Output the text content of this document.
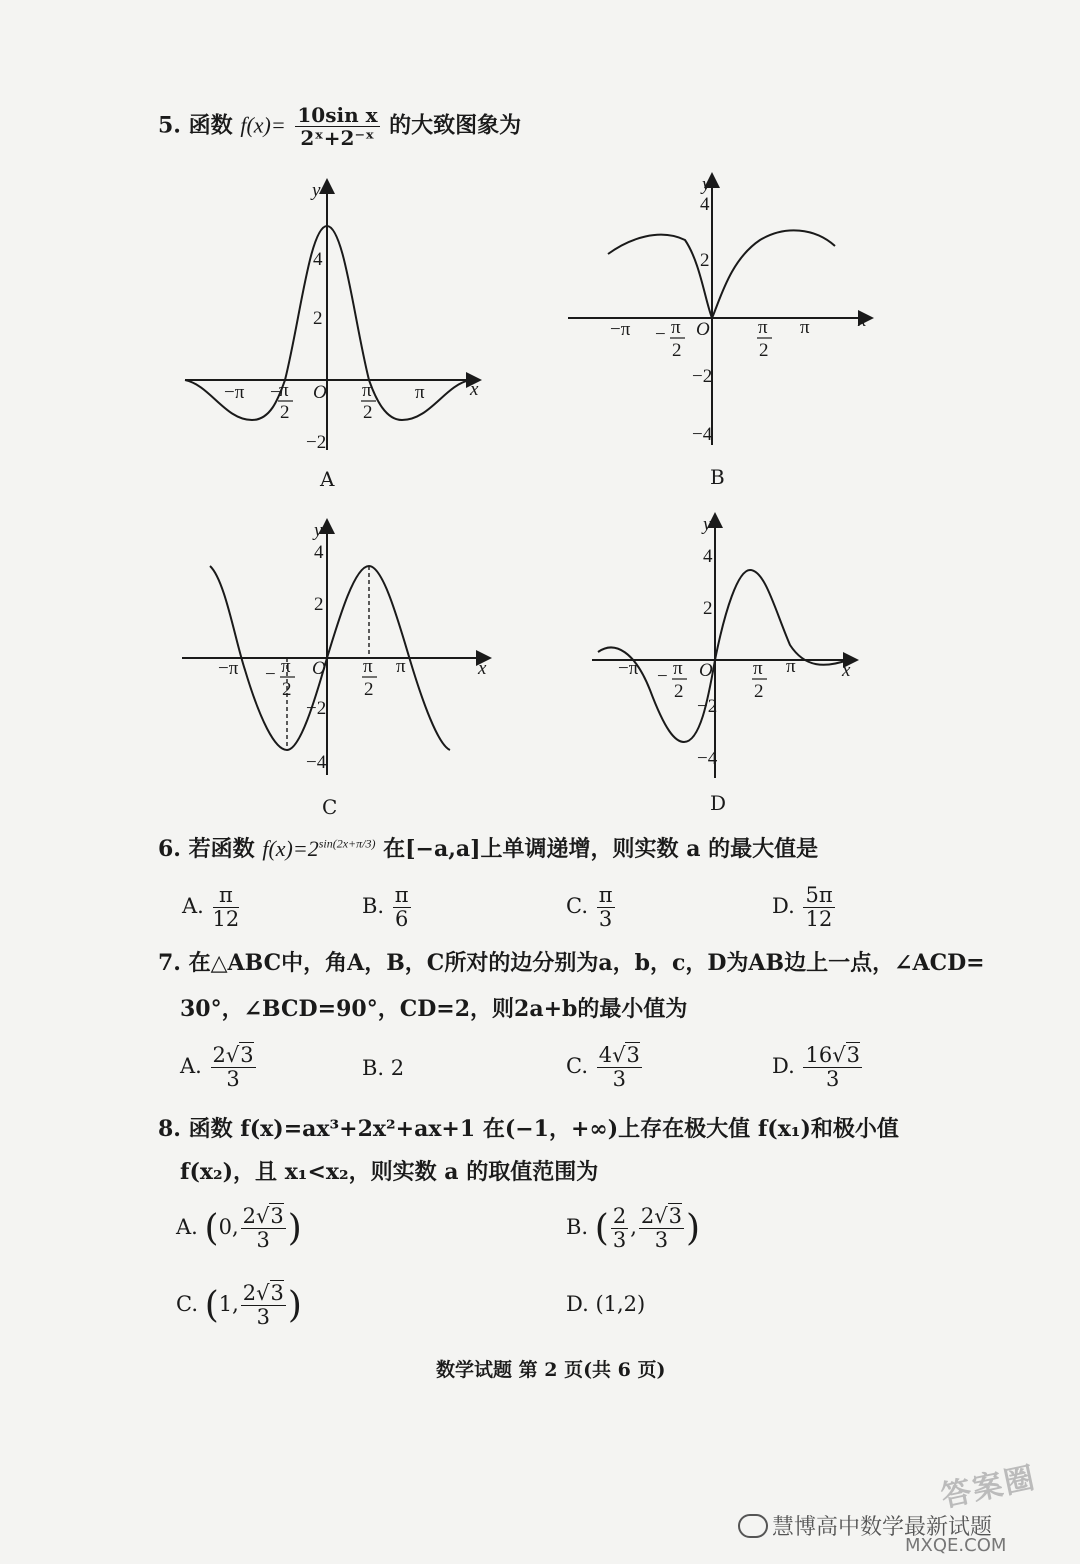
5. 函数 $f(x)= \frac{\text{10sin x}}{\text{2ˣ+2⁻ˣ}}$ 的大致图象为
y
x
4
2
−2
O
−π	π
−
π
2
π
2
y
x
4
2
−2
−4
O
−π	π
− π
2
π
2
y
x
4
2
−2
−4
O
−π	π
− π
2
π
2
y
x
4
2
−2
−4
O
−π	π
− π
2
π
2
A	B
C	D
6. 若函数 $f(x)=2^{sin(2x+\pi/3)}$ 在[−a,a]上单调递增，则实数 a 的最大值是
A. $\frac{\pi}{12}$	B. $\frac{\pi}{6}$	C. $\frac{\pi}{3}$	D. $\frac{5\pi}{12}$
7. 在△ABC中，角A，B，C所对的边分别为a，b，c，D为AB边上一点，∠ACD=
30°，∠BCD=90°，CD=2，则2a+b的最小值为
A. $\frac{2√3}{3}$	B. 2	C. $\frac{4√3}{3}$	D. $\frac{16√3}{3}$
8. 函数 f(x)=ax³+2x²+ax+1 在(−1，+∞)上存在极大值 f(x₁)和极小值
f(x₂)，且 x₁<x₂，则实数 a 的取值范围为
A. (0, $\frac{2√3}{3}$ )	B. ( $\frac{2}{3}$ , $\frac{2√3}{3}$ )
C. (1, $\frac{2√3}{3}$ )	D. (1,2)
数学试题 第 2 页(共 6 页)
答案圈
慧博高中数学最新试题
MXQE.COM
